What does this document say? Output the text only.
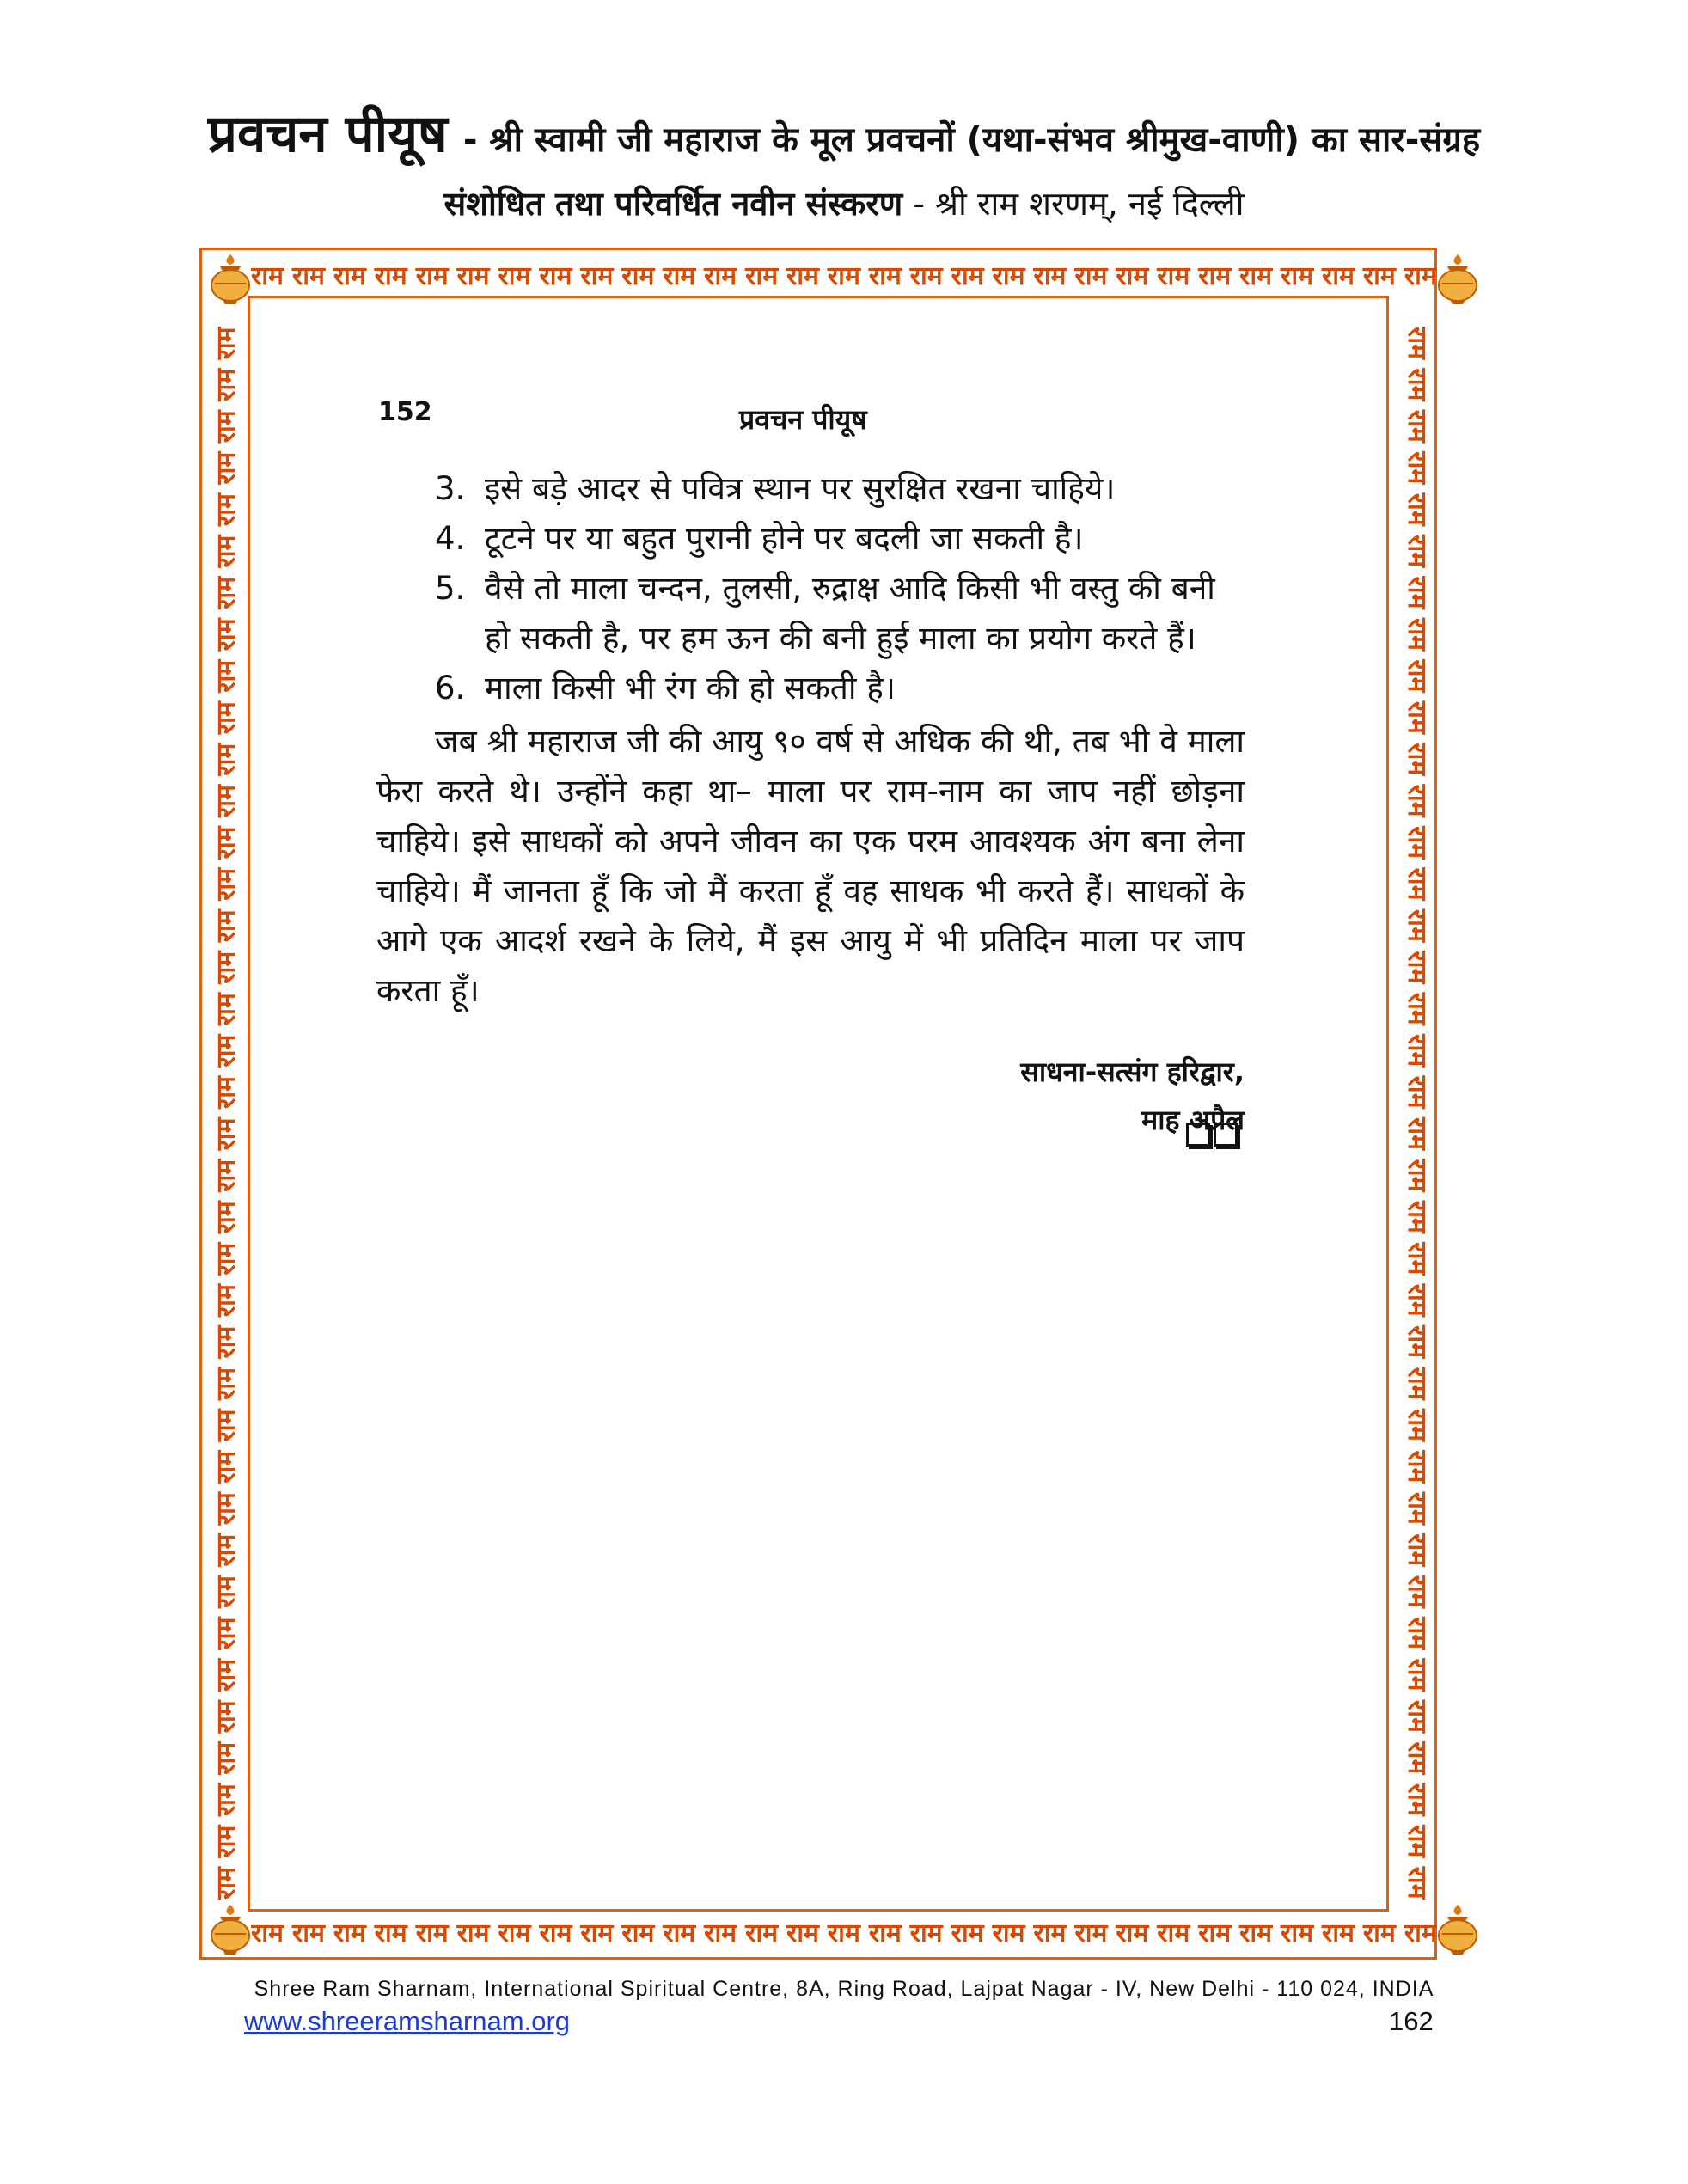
प्रवचन पीयूष - श्री स्वामी जी महाराज के मूल प्रवचनों (यथा-संभव श्रीमुख-वाणी) का सार-संग्रह
संशोधित तथा परिवर्धित नवीन संस्करण - श्री राम शरणम्, नई दिल्ली
राम राम राम राम राम राम राम राम राम राम राम राम राम राम राम राम राम राम राम राम राम राम राम राम राम राम राम राम राम
राम राम राम राम राम राम राम राम राम राम राम राम राम राम राम राम राम राम राम राम राम राम राम राम राम राम राम राम राम
राम
राम
राम
राम
राम
राम
राम
राम
राम
राम
राम
राम
राम
राम
राम
राम
राम
राम
राम
राम
राम
राम
राम
राम
राम
राम
राम
राम
राम
राम
राम
राम
राम
राम
राम
राम
राम
राम	राम
राम
राम
राम
राम
राम
राम
राम
राम
राम
राम
राम
राम
राम
राम
राम
राम
राम
राम
राम
राम
राम
राम
राम
राम
राम
राम
राम
राम
राम
राम
राम
राम
राम
राम
राम
राम
राम
152	प्रवचन पीयूष
3. इसे बड़े आदर से पवित्र स्थान पर सुरक्षित रखना चाहिये।
4. टूटने पर या बहुत पुरानी होने पर बदली जा सकती है।
5. वैसे तो माला चन्दन, तुलसी, रुद्राक्ष आदि किसी भी वस्तु की बनी हो सकती है, पर हम ऊन की बनी हुई माला का प्रयोग करते हैं।
6. माला किसी भी रंग की हो सकती है।

जब श्री महाराज जी की आयु ९० वर्ष से अधिक की थी, तब भी वे माला फेरा करते थे। उन्होंने कहा था– माला पर राम-नाम का जाप नहीं छोड़ना चाहिये। इसे साधकों को अपने जीवन का एक परम आवश्यक अंग बना लेना चाहिये। मैं जानता हूँ कि जो मैं करता हूँ वह साधक भी करते हैं। साधकों के आगे एक आदर्श रखने के लिये, मैं इस आयु में भी प्रतिदिन माला पर जाप करता हूँ।

साधना-सत्संग हरिद्वार,
माह अप्रैल
Shree Ram Sharnam, International Spiritual Centre, 8A, Ring Road, Lajpat Nagar - IV, New Delhi - 110 024, INDIA
www.shreeramsharnam.org	162
